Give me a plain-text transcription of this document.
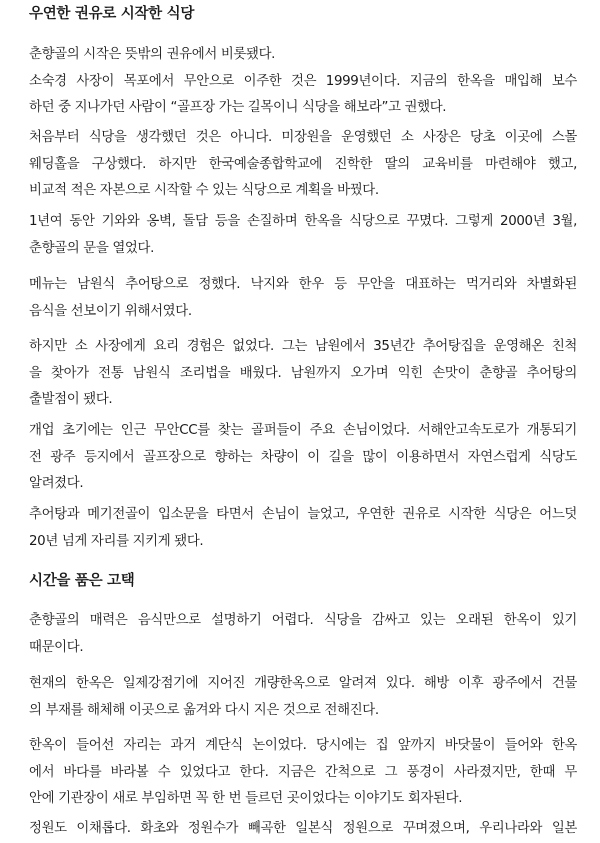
우연한 권유로 시작한 식당
춘향골의 시작은 뜻밖의 권유에서 비롯됐다.
소숙경 사장이 목포에서 무안으로 이주한 것은 1999년이다. 지금의 한옥을 매입해 보수
하던 중 지나가던 사람이 “골프장 가는 길목이니 식당을 해보라”고 권했다.
처음부터 식당을 생각했던 것은 아니다. 미장원을 운영했던 소 사장은 당초 이곳에 스몰
웨딩홀을 구상했다. 하지만 한국예술종합학교에 진학한 딸의 교육비를 마련해야 했고,
비교적 적은 자본으로 시작할 수 있는 식당으로 계획을 바꿨다.
1년여 동안 기와와 옹벽, 돌담 등을 손질하며 한옥을 식당으로 꾸몄다. 그렇게 2000년 3월,
춘향골의 문을 열었다.
메뉴는 남원식 추어탕으로 정했다. 낙지와 한우 등 무안을 대표하는 먹거리와 차별화된
음식을 선보이기 위해서였다.
하지만 소 사장에게 요리 경험은 없었다. 그는 남원에서 35년간 추어탕집을 운영해온 친척
을 찾아가 전통 남원식 조리법을 배웠다. 남원까지 오가며 익힌 손맛이 춘향골 추어탕의
출발점이 됐다.
개업 초기에는 인근 무안CC를 찾는 골퍼들이 주요 손님이었다. 서해안고속도로가 개통되기
전 광주 등지에서 골프장으로 향하는 차량이 이 길을 많이 이용하면서 자연스럽게 식당도
알려졌다.
추어탕과 메기전골이 입소문을 타면서 손님이 늘었고, 우연한 권유로 시작한 식당은 어느덧
20년 넘게 자리를 지키게 됐다.
시간을 품은 고택
춘향골의 매력은 음식만으로 설명하기 어렵다. 식당을 감싸고 있는 오래된 한옥이 있기
때문이다.
현재의 한옥은 일제강점기에 지어진 개량한옥으로 알려져 있다. 해방 이후 광주에서 건물
의 부재를 해체해 이곳으로 옮겨와 다시 지은 것으로 전해진다.
한옥이 들어선 자리는 과거 계단식 논이었다. 당시에는 집 앞까지 바닷물이 들어와 한옥
에서 바다를 바라볼 수 있었다고 한다. 지금은 간척으로 그 풍경이 사라졌지만, 한때 무
안에 기관장이 새로 부임하면 꼭 한 번 들르던 곳이었다는 이야기도 회자된다.
정원도 이채롭다. 화초와 정원수가 빼곡한 일본식 정원으로 꾸며졌으며, 우리나라와 일본
